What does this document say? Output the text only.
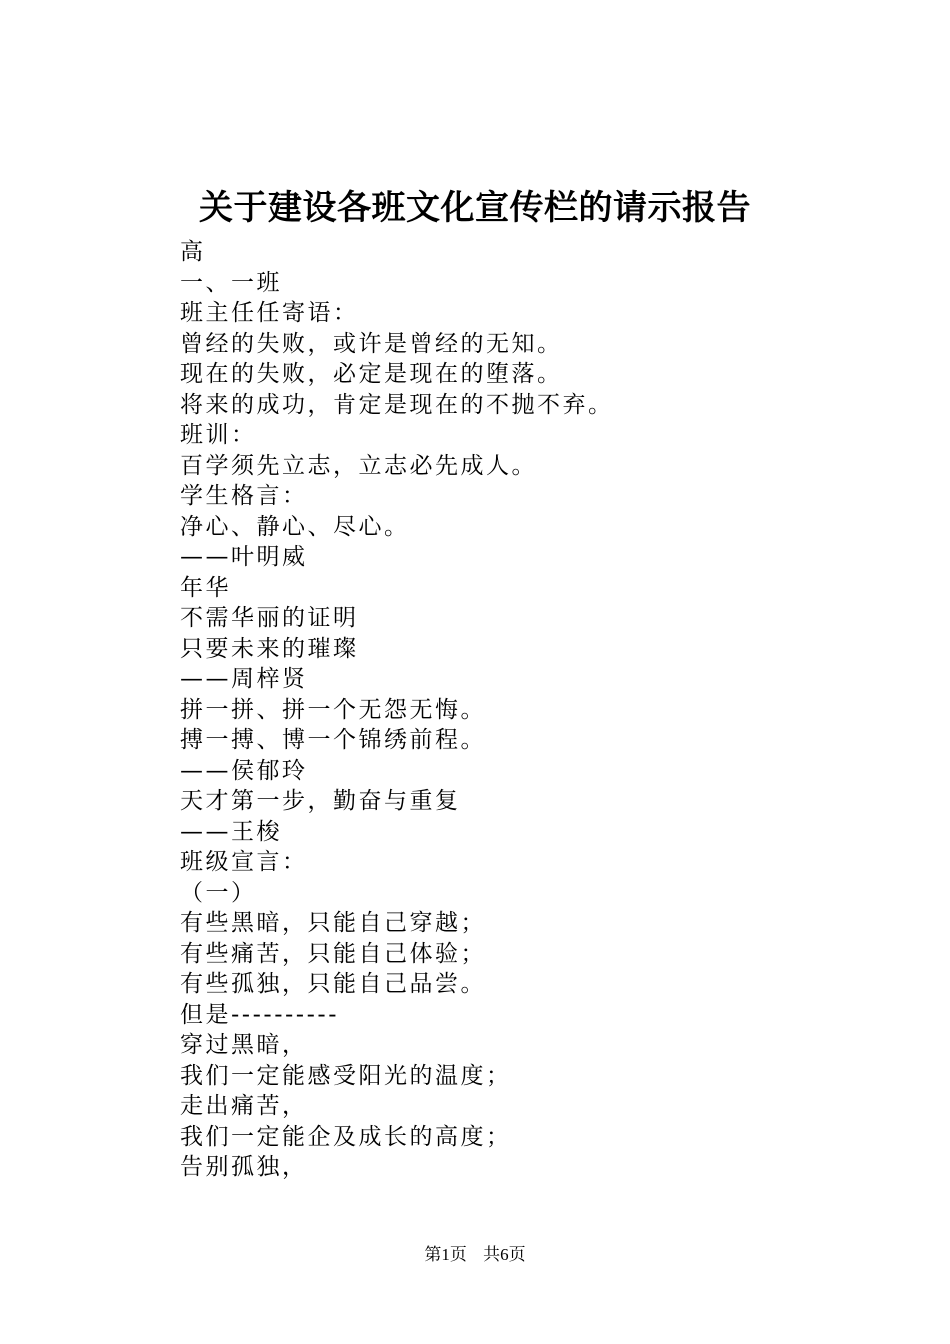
关于建设各班文化宣传栏的请示报告
高
一、一班
班主任任寄语：
曾经的失败，或许是曾经的无知。
现在的失败，必定是现在的堕落。
将来的成功，肯定是现在的不抛不弃。
班训：
百学须先立志，立志必先成人。
学生格言：
净心、静心、尽心。
——叶明威
年华
不需华丽的证明
只要未来的璀璨
——周梓贤
拼一拼、拼一个无怨无悔。
搏一搏、博一个锦绣前程。
——侯郁玲
天才第一步，勤奋与重复
——王梭
班级宣言：
（一）
有些黑暗，只能自己穿越；
有些痛苦，只能自己体验；
有些孤独，只能自己品尝。
但是----------
穿过黑暗，
我们一定能感受阳光的温度；
走出痛苦，
我们一定能企及成长的高度；
告别孤独，
第1页 共6页
